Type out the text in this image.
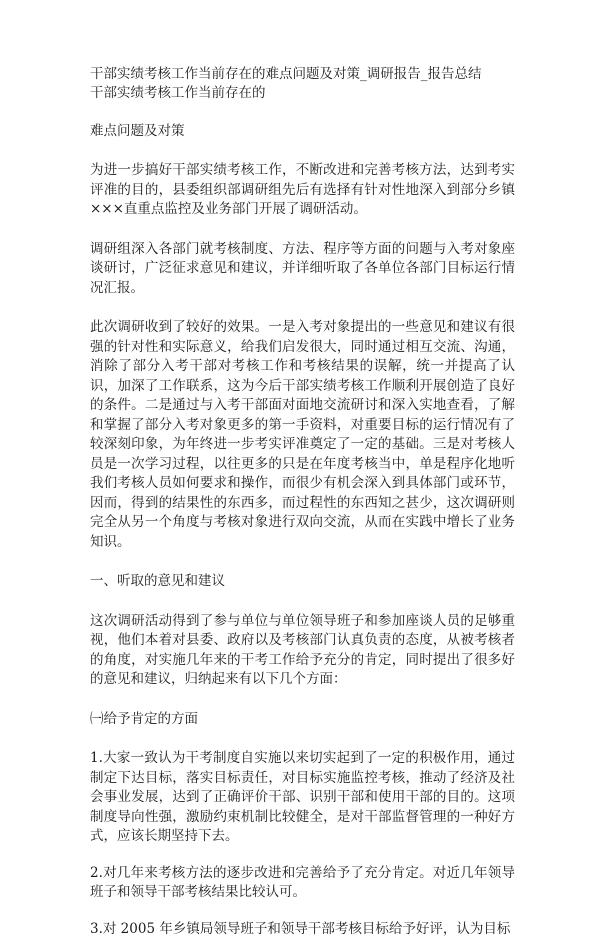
干部实绩考核工作当前存在的难点问题及对策_调研报告_报告总结

干部实绩考核工作当前存在的

难点问题及对策

为进一步搞好干部实绩考核工作，不断改进和完善考核方法，达到考实评准的目的，县委组织部调研组先后有选择有针对性地深入到部分乡镇×××直重点监控及业务部门开展了调研活动。

调研组深入各部门就考核制度、方法、程序等方面的问题与入考对象座谈研讨，广泛征求意见和建议，并详细听取了各单位各部门目标运行情况汇报。

此次调研收到了较好的效果。一是入考对象提出的一些意见和建议有很强的针对性和实际意义，给我们启发很大，同时通过相互交流、沟通，消除了部分入考干部对考核工作和考核结果的误解，统一并提高了认识，加深了工作联系，这为今后干部实绩考核工作顺利开展创造了良好的条件。二是通过与入考干部面对面地交流研讨和深入实地查看，了解和掌握了部分入考对象更多的第一手资料，对重要目标的运行情况有了较深刻印象，为年终进一步考实评准奠定了一定的基础。三是对考核人员是一次学习过程，以往更多的只是在年度考核当中，单是程序化地听我们考核人员如何要求和操作，而很少有机会深入到具体部门或环节，因而，得到的结果性的东西多，而过程性的东西知之甚少，这次调研则完全从另一个角度与考核对象进行双向交流，从而在实践中增长了业务知识。

一、听取的意见和建议

这次调研活动得到了参与单位与单位领导班子和参加座谈人员的足够重视，他们本着对县委、政府以及考核部门认真负责的态度，从被考核者的角度，对实施几年来的干考工作给予充分的肯定，同时提出了很多好的意见和建议，归纳起来有以下几个方面：

㈠给予肯定的方面

1.大家一致认为干考制度自实施以来切实起到了一定的积极作用，通过制定下达目标，落实目标责任，对目标实施监控考核，推动了经济及社会事业发展，达到了正确评价干部、识别干部和使用干部的目的。这项制度导向性强，激励约束机制比较健全，是对干部监督管理的一种好方式，应该长期坚持下去。

2.对几年来考核方法的逐步改进和完善给予了充分肯定。对近几年领导班子和领导干部考核结果比较认可。

3.对 2005 年乡镇局领导班子和领导干部考核目标给予好评，认为目标
